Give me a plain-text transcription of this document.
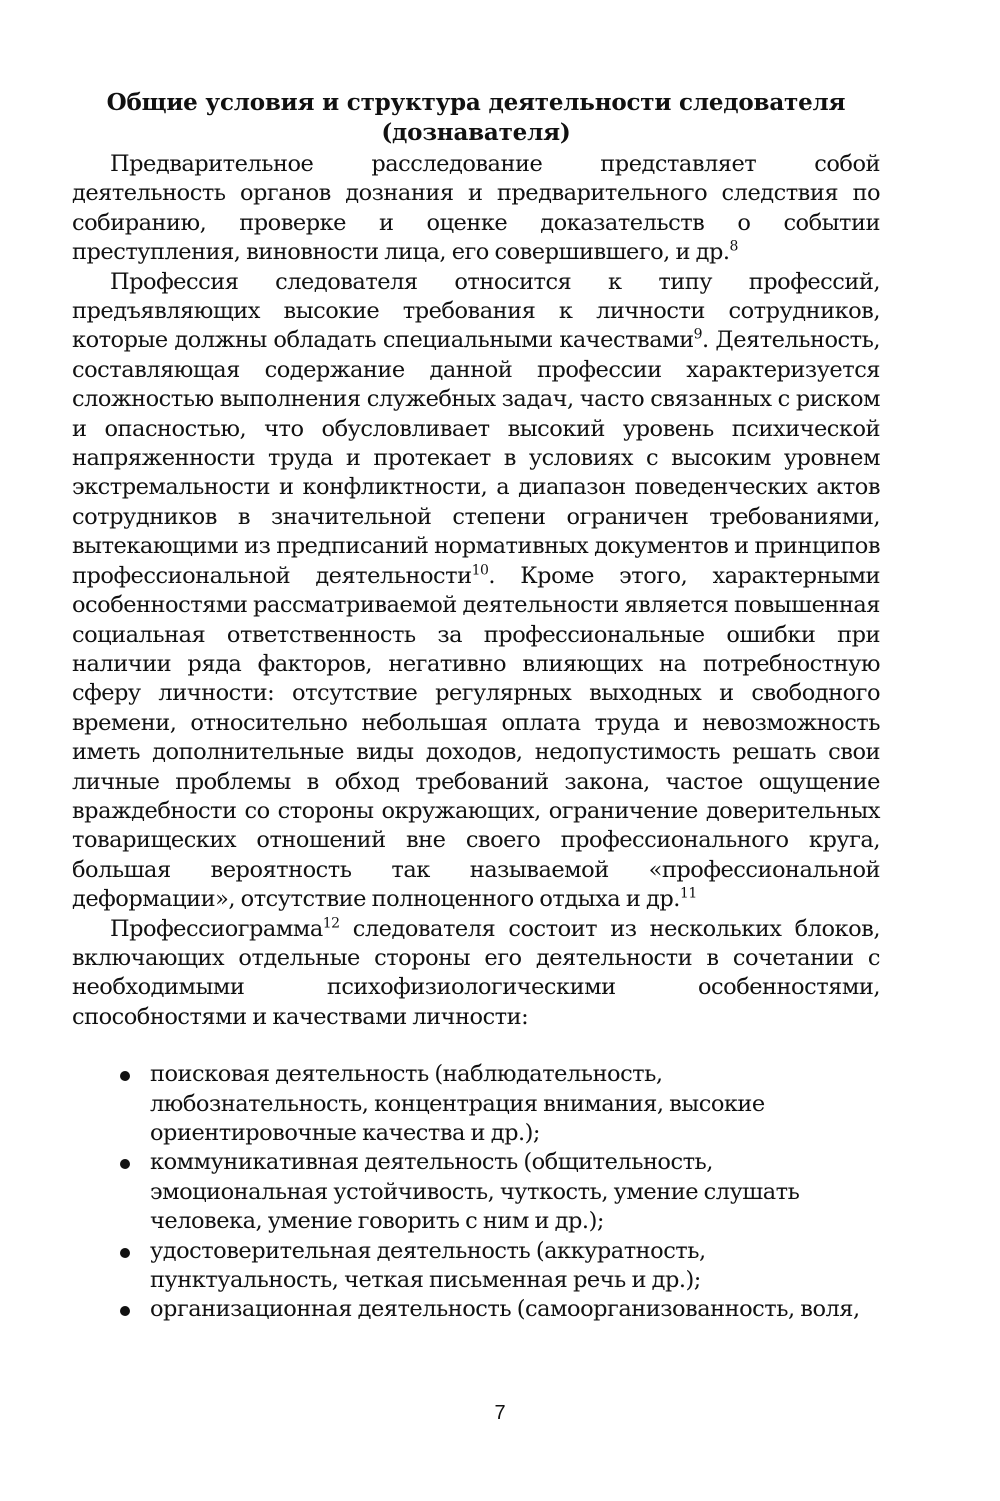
Общие условия и структура деятельности следователя
(дознавателя)

Предварительное расследование представляет собой деятельность органов дознания и предварительного следствия по собиранию, проверке и оценке доказательств о событии преступления, виновности лица, его совершившего, и др.$^8$

Профессия следователя относится к типу профессий, предъявляющих высокие требования к личности сотрудников, которые должны обладать специальными качествами$^9$. Деятельность, составляющая содержание данной профессии характеризуется сложностью выполнения служебных задач, часто связанных с риском и опасностью, что обусловливает высокий уровень психической напряженности труда и протекает в условиях с высоким уровнем экстремальности и конфликтности, а диапазон поведенческих актов сотрудников в значительной степени ограничен требованиями, вытекающими из предписаний нормативных документов и принципов профессиональной деятельности$^{10}$. Кроме этого, характерными особенностями рассматриваемой деятельности является повышенная социальная ответственность за профессиональные ошибки при наличии ряда факторов, негативно влияющих на потребностную сферу личности: отсутствие регулярных выходных и свободного времени, относительно небольшая оплата труда и невозможность иметь дополнительные виды доходов, недопустимость решать свои личные проблемы в обход требований закона, частое ощущение враждебности со стороны окружающих, ограничение доверительных товарищеских отношений вне своего профессионального круга, большая вероятность так называемой «профессиональной деформации», отсутствие полноценного отдыха и др.$^{11}$

Профессиограмма$^{12}$ следователя состоит из нескольких блоков, включающих отдельные стороны его деятельности в сочетании с необходимыми психофизиологическими особенностями, способностями и качествами личности:

поисковая деятельность (наблюдательность, любознательность, концентрация внимания, высокие ориентировочные качества и др.);
коммуникативная деятельность (общительность, эмоциональная устойчивость, чуткость, умение слушать человека, умение говорить с ним и др.);
удостоверительная деятельность (аккуратность, пунктуальность, четкая письменная речь и др.);
организационная деятельность (самоорганизованность, воля,
7
